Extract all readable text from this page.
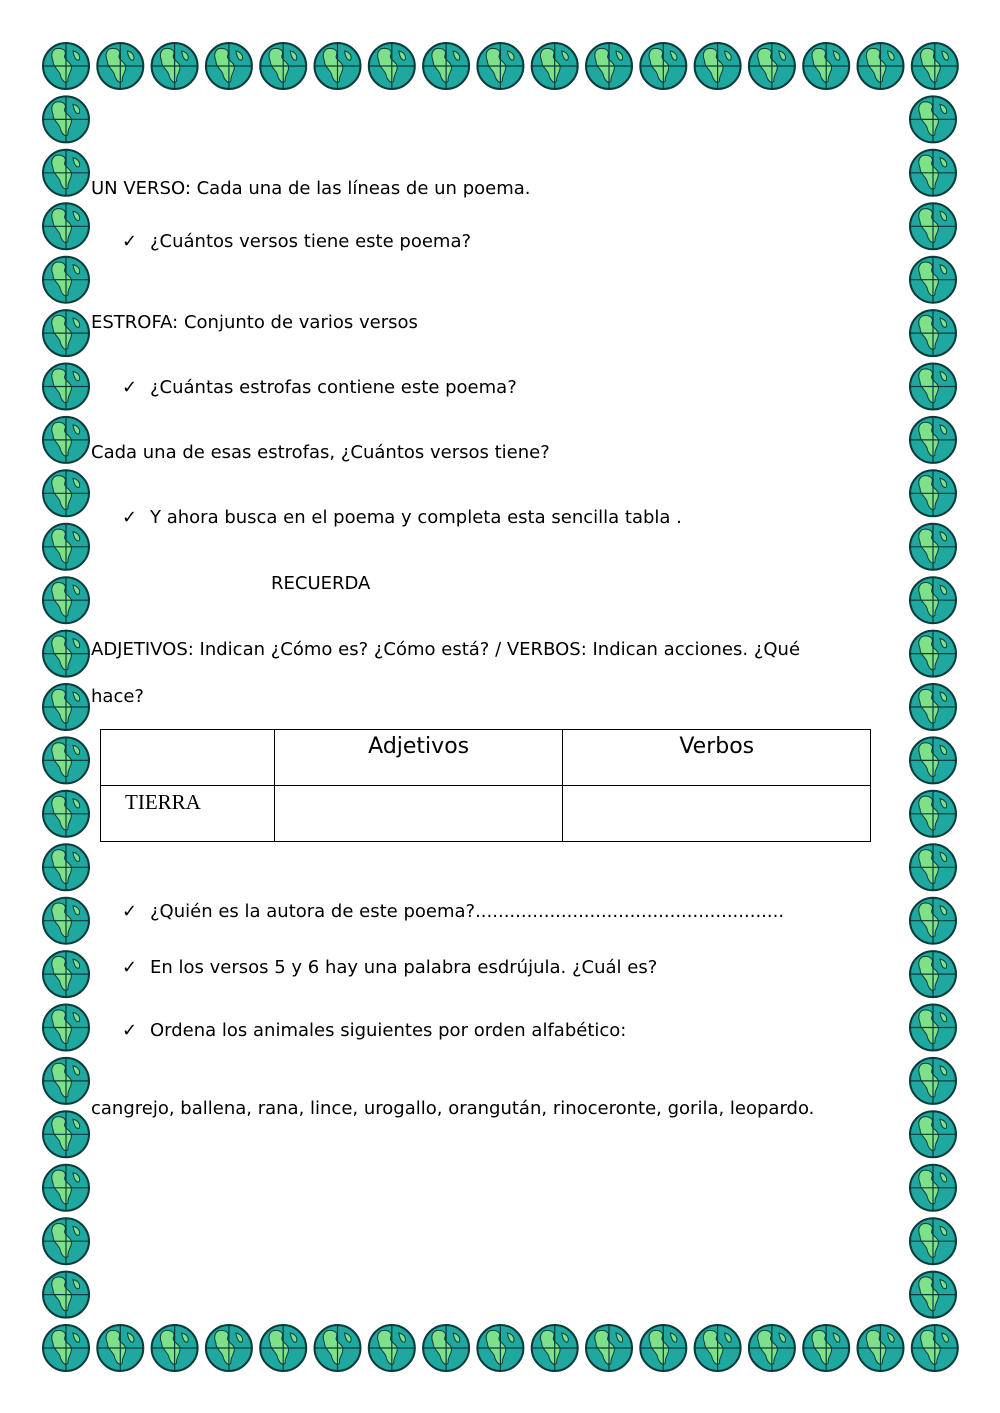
UN VERSO: Cada una de las líneas de un poema.
✓ ¿Cuántos versos tiene este poema?
ESTROFA: Conjunto de varios versos
✓ ¿Cuántas estrofas contiene este poema?
Cada una de esas estrofas, ¿Cuántos versos tiene?
✓ Y ahora busca en el poema y completa esta sencilla tabla .
RECUERDA
ADJETIVOS: Indican ¿Cómo es? ¿Cómo está? / VERBOS: Indican acciones. ¿Qué
hace?
	Adjetivos	Verbos
TIERRA		
✓ ¿Quién es la autora de este poema?......................................................
✓ En los versos 5 y 6 hay una palabra esdrújula. ¿Cuál es?
✓ Ordena los animales siguientes por orden alfabético:
cangrejo, ballena, rana, lince, urogallo, orangután, rinoceronte, gorila, leopardo.
